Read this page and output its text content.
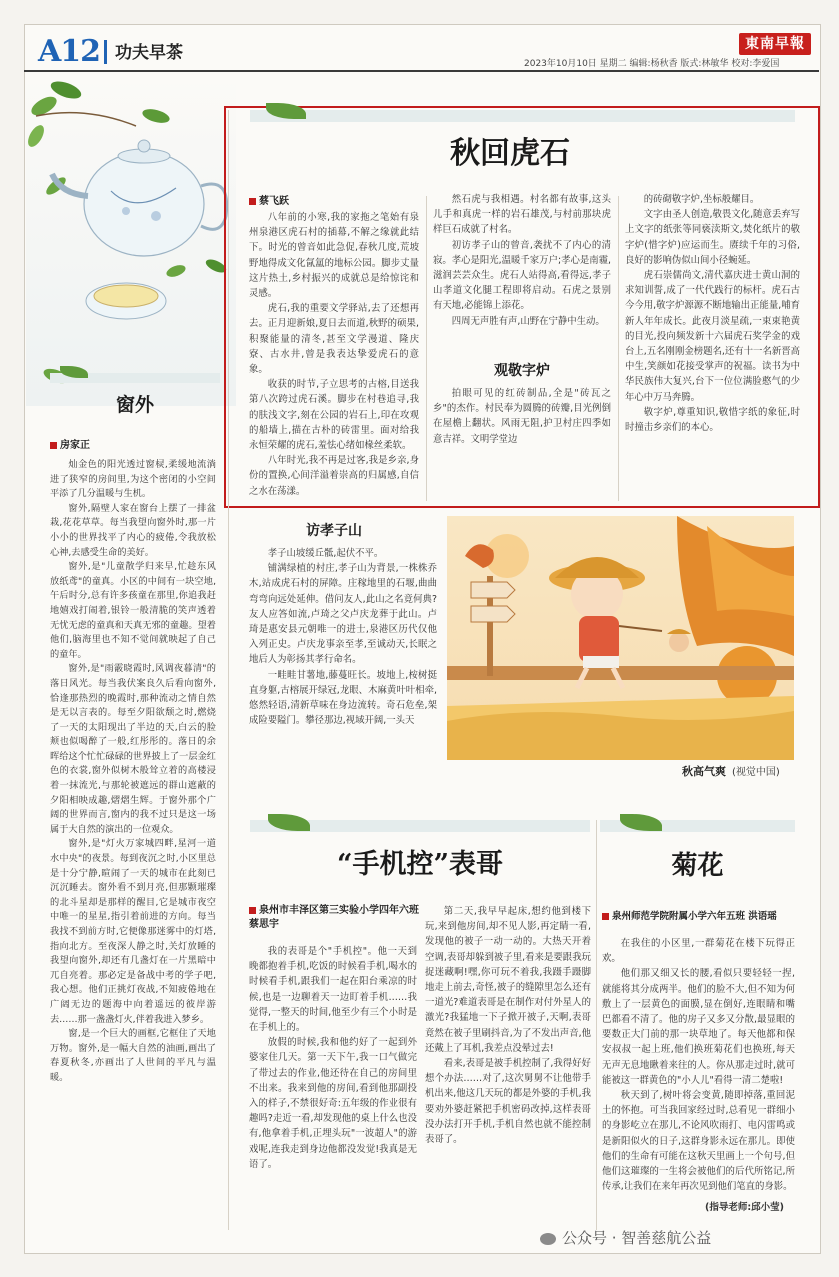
A12 功夫早茶
2023年10月10日 星期二 编辑:杨秋香 版式:林敏华 校对:李爱国
東南早報
秋回虎石
蔡飞跃

八年前的小寒,我的家拖之笔始有泉州泉港区虎石村的插幕,不解之缘就此结下。时光的曾音如此急促,春秋几度,荒坡野地得成文化氤氲的地标公园。脚步丈量这片热土,乡村振兴的成就总是给惊诧和灵感。

虎石,我的重要文学驿站,去了还想再去。正月迎新娘,夏日去而道,秋野的硕果,积聚能量的清冬,甚至文学漫道、隆庆寮、古水井,曾是我表达挚爱虎石的意象。

收获的时节,子立思考的古榕,目送我第八次跨过虎石溪。脚步在村巷追寻,我的肤浅文字,刻在公园的岩石上,印在攻观的船墙上,描在古朴的砖雷里。面对给我永恒荣耀的虎石,羞怯心绪如椽丝柔软。

八年时光,我不再是过客,我是乡亲,身份的置换,心间洋溢着崇高的归属感,自信之水在荡漾。

然石虎与我相遇。村名都有故事,这头儿手和真虎一样的岩石雄茂,与村前那块虎样巨石成就了村名。

初访孝子山的曾音,袭扰不了内心的清寂。孝心是阳光,温暖千家万户;孝心是南霾,滋润芸芸众生。虎石人站得高,看得远,孝子山孝道文化腿工程即将启动。石虎之景别有天地,必能锦上添花。

四周无声胜有声,山野在宁静中生动。

观敬字炉

拍眼可见的红砖制品,全是"砖瓦之乡"的杰作。村民奉为圆腾的砖瓣,目光例倒在屋檐上翻状。风雨无阻,护卫村庄四季如意吉祥。文明学堂边

的砖砌敬字炉,坐标般耀目。

文字由圣人创造,敬畏文化,随意丢弃写上文字的纸张等同亵渎斯文,焚化纸片的敬字炉(惜字炉)应运而生。赓续千年的习俗,良好的影响伪似山间小径蜿延。

虎石崇儒尚文,清代嘉庆进士黄山洞的求知训誓,成了一代代践行的标杆。虎石古今今用,敬字炉源源不断地输出正能量,哺育新人年年成长。此夜月淡星疏,一束束艳黄的目光,投向频发新十六届虎石奖学金的戏台上,五名刚刚金榜题名,还有十一名新晋高中生,笑颜如花接受掌声的祝福。读书为中华民族伟大复兴,台下一位位满脸憨气的少年心中万马奔腾。

敬字炉,尊重知识,敬惜字纸的象征,时时撞击乡亲们的本心。

访孝子山

孝子山坡缓丘骶,起伏不平。

铺满绿植的村庄,孝子山为背景,一株株乔木,站成虎石村的屏障。庄稼地里的石堰,曲曲弯弯向远处延伸。借问友人,此山之名竟何典?友人应答如流,卢琦之父卢庆龙葬于此山。卢琦是惠安县元朝唯一的进士,泉港区历代仅他入列正史。卢庆龙事亲至孝,至诚动天,长眠之地后人为彰扬其孝行命名。

一畦畦甘薯地,藤蔓旺长。坡地上,桉树挺直身躯,古榕展开绿冠,龙眼、木麻黄叶叶相牵,悠然轻语,清新草味在身边流转。奇石危垒,架成险要隘门。攀径那边,视域开阔,一头天

秋高气爽 (视觉中国)
窗外
房家正

灿金色的阳光透过窗棂,柔缓地流淌进了狭窄的房间里,为这个密闭的小空间平添了几分温暖与生机。

窗外,隔壁人家在窗台上摆了一排盆栽,花花草草。每当我望向窗外时,那一片小小的世界找平了内心的疲倦,令我放松心神,去感受生命的美好。

窗外,是"儿童散学归来早,忙趁东风放纸鸢"的童真。小区的中间有一块空地,午后时分,总有许多孩童在那里,你追我赶地嬉戏打闹着,银铃一般清脆的笑声透着无忧无虑的童真和天真无邪的童趣。望着他们,脑海里也不知不觉间就映起了自己的童年。

窗外,是"雨霰晓霞时,风调夜暮清"的落日风光。每当我伏案良久后看向窗外,恰逢那热烈的晚霞时,那种流动之情自然是无以言表的。每至夕阳欲颓之时,燃烧了一天的太阳现出了半边的天,白云的脸颊也似喝醉了一般,红彤彤的。落日的余晖给这个忙忙碌碌的世界披上了一层金红色的衣裳,窗外似树木般耸立着的高楼浸着一抹流光,与那轮被遮远的群山遮蔽的夕阳相映成趣,熠熠生辉。于窗外那个广阔的世界而言,窗内的我不过只是这一场属于大自然的演出的一位观众。

窗外,是"灯火万家城四畔,星河一道水中央"的夜景。每到夜沉之时,小区里总是十分宁静,暄闹了一天的城市在此刻已沉沉睡去。窗外看不到月亮,但那颗璀璨的北斗星却是那样的醒目,它是城市夜空中唯一的星星,指引着前进的方向。每当我找不到前方时,它便像那迷雾中的灯塔,指向北方。至夜深人静之时,关灯放睡的我望向窗外,却还有几盏灯在一片黑暗中兀自亮着。那必定是备战中考的学子吧,我心想。他们正挑灯夜战,不知疲倦地在广阔无边的题海中向着遥远的彼岸游去……那一盏盏灯火,伴着我进入梦乡。

窗,是一个巨大的画框,它框住了天地万物。窗外,是一幅大自然的油画,画出了春夏秋冬,亦画出了人世间的平凡与温暖。

“手机控”表哥
泉州市丰泽区第三实验小学四年六班 蔡思宇

我的表哥是个"手机控"。他一天到晚都抱着手机,吃饭的时候看手机,喝水的时候看手机,跟我们一起在阳台乘凉的时候,也是一边聊着天一边盯着手机……我觉得,一整天的时间,他至少有三个小时是在手机上的。

放假的时候,我和他约好了一起到外婆家住几天。第一天下午,我一口气做完了带过去的作业,他还待在自己的房间里不出来。我来到他的房间,看到他那副投入的样子,不禁很好奇:五年级的作业很有趣吗?走近一看,却发现他的桌上什么也没有,他拿着手机,正埋头玩"一波超人"的游戏呢,连我走到身边他都没发觉!我真是无语了。

第二天,我早早起床,想约他到楼下玩,来到他房间,却不见人影,再定睛一看,发现他的被子一动一动的。大热天开着空调,表哥却躲到被子里,看来是要跟我玩捉迷藏啊!嘿,你可玩不着我,我蹑手蹑脚地走上前去,奇怪,被子的缝隙里怎么还有一道光?难道表哥是在制作对付外星人的激光?我猛地一下子掀开被子,天啊,表哥竟然在被子里刷抖音,为了不发出声音,他还戴上了耳机,我差点没晕过去!

看来,表哥是被手机控制了,我得好好想个办法……对了,这次舅舅不让他带手机出来,他这几天玩的都是外婆的手机,我要劝外婆赶紧把手机密码改掉,这样表哥没办法打开手机,手机自然也就不能控制表哥了。

菊花
泉州师范学院附属小学六年五班 洪语瑶

在我住的小区里,一群菊花在楼下玩得正欢。

他们那又细又长的腰,看似只要轻轻一捏,就能将其分成两半。他们的脸不大,但不知为何敷上了一层黄色的面膜,显在倒好,连眼睛和嘴巴都看不清了。他的房子又多又分散,最显眼的要数正大门前的那一块草地了。每天他都和保安叔叔一起上班,他们换班菊花们也换班,每天无声无息地瞅着来往的人。你从那走过时,就可能被这一群黄色的"小人儿"看得一清二楚啦!

秋天到了,树叶将会变黄,随即掉落,重回泥土的怀抱。可当我回家经过时,总看见一群细小的身影屹立在那儿,不论风吹雨打、电闪雷鸣或是新阳似火的日子,这群身影永远在那儿。即使他们的生命有可能在这秋天里画上一个句号,但他们这璀璨的一生将会被他们的后代所铭记,所传承,让我们在来年再次见到他们笔直的身影。

(指导老师:邱小莹)
公众号 · 智善慈航公益
